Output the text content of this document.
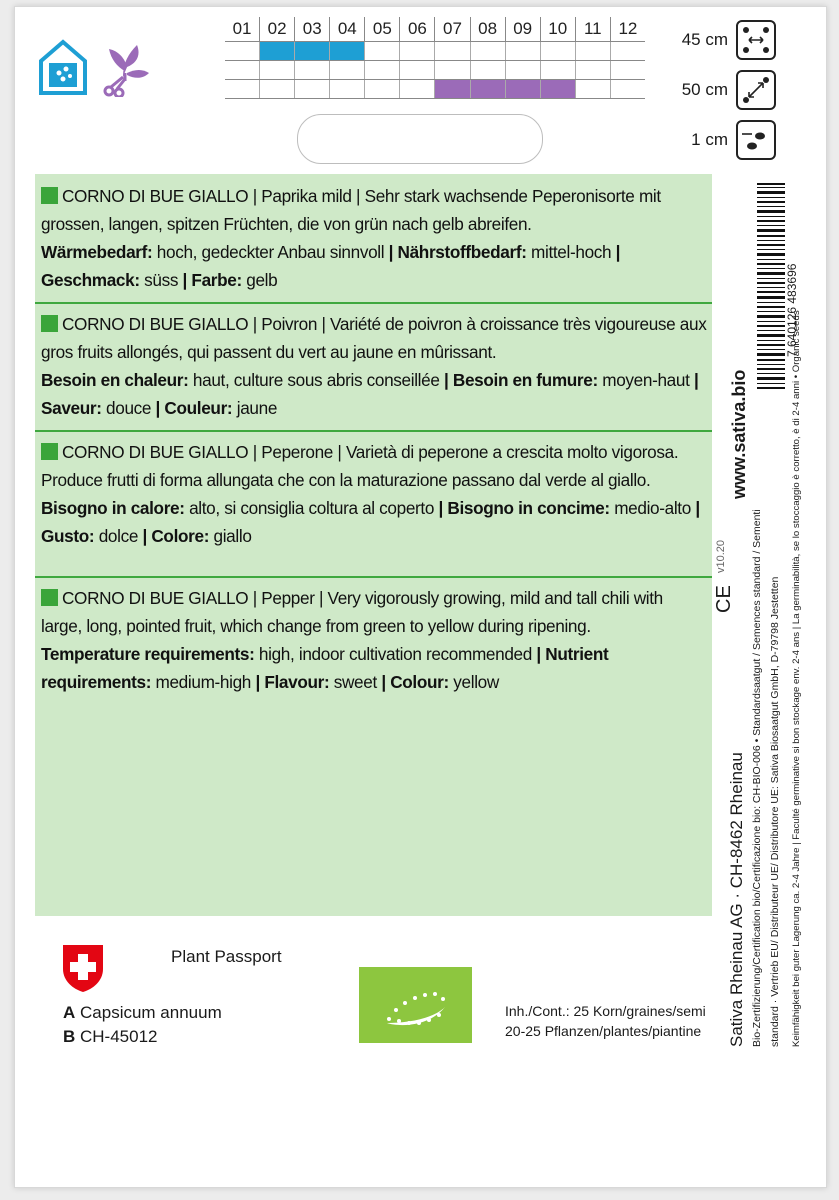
01 02 03 04 05 06 07 08 09 10 11 12
45 cm
50 cm
1 cm

CORNO DI BUE GIALLO | Paprika mild | Sehr stark wachsende Peperonisorte mit grossen, langen, spitzen Früchten, die von grün nach gelb abreifen.

Wärmebedarf: hoch, gedeckter Anbau sinnvoll | Nährstoffbedarf: mittel-hoch | Geschmack: süss | Farbe: gelb

CORNO DI BUE GIALLO | Poivron | Variété de poivron à croissance très vigoureuse aux gros fruits allongés, qui passent du vert au jaune en mûrissant.

Besoin en chaleur: haut, culture sous abris conseillée | Besoin en fumure: moyen-haut | Saveur: douce | Couleur: jaune

CORNO DI BUE GIALLO | Peperone | Varietà di peperone a crescita molto vigorosa. Produce frutti di forma allungata che con la maturazione passano dal verde al giallo.

Bisogno in calore: alto, si consiglia coltura al coperto | Bisogno in concime: medio-alto | Gusto: dolce | Colore: giallo

CORNO DI BUE GIALLO | Pepper | Very vigorously growing, mild and tall chili with large, long, pointed fruit, which change from green to yellow during ripening.

Temperature requirements: high, indoor cultivation recommended | Nutrient requirements: medium-high | Flavour: sweet | Colour: yellow

Plant Passport
A Capsicum annuum
B CH-45012
Inh./Cont.: 25 Korn/graines/semi
20-25 Pflanzen/plantes/piantine
www.sativa.bio
7 640126 483696
v10.20
CE
Sativa Rheinau AG · CH-8462 Rheinau Bio-Zertifizierung/Certification bio/Certificazione bio: CH-BIO-006 • Standardsaatgut / Semences standard / Sementi standard · Vertrieb EU/ Distributeur UE/ Distributore UE: Sativa Biosaatgut GmbH, D-79798 Jestetten Keimfähigkeit bei guter Lagerung ca. 2-4 Jahre | Faculté germinative si bon stockage env. 2-4 ans | La germinabilità, se lo stoccaggio è corretto, è di 2-4 anni • Organic seeds
